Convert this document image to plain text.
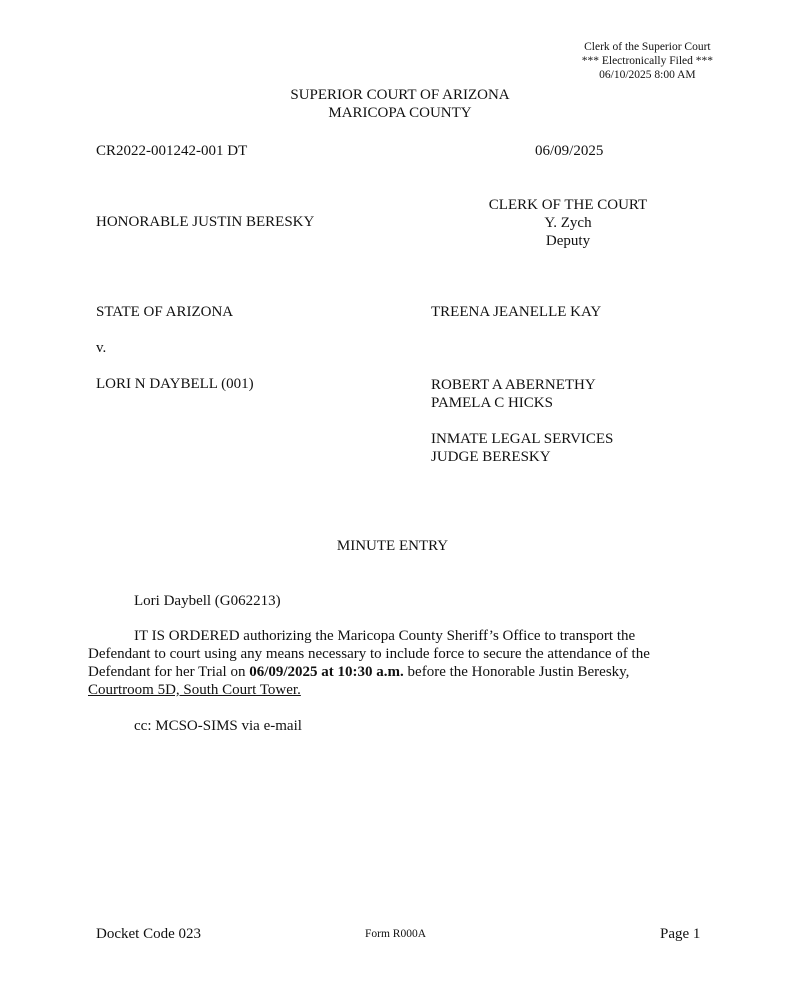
Clerk of the Superior Court
*** Electronically Filed ***
06/10/2025 8:00 AM
SUPERIOR COURT OF ARIZONA
MARICOPA COUNTY
CR2022-001242-001 DT	06/09/2025
HONORABLE JUSTIN BERESKY
CLERK OF THE COURT
Y. Zych
Deputy
STATE OF ARIZONA
v.
LORI N DAYBELL (001)
TREENA JEANELLE KAY
ROBERT A ABERNETHY
PAMELA C HICKS
INMATE LEGAL SERVICES
JUDGE BERESKY
MINUTE ENTRY
Lori Daybell (G062213)
IT IS ORDERED authorizing the Maricopa County Sheriff’s Office to transport the Defendant to court using any means necessary to include force to secure the attendance of the Defendant for her Trial on 06/09/2025 at 10:30 a.m. before the Honorable Justin Beresky, Courtroom 5D, South Court Tower.
cc: MCSO-SIMS via e-mail
Docket Code 023	Form R000A	Page 1
